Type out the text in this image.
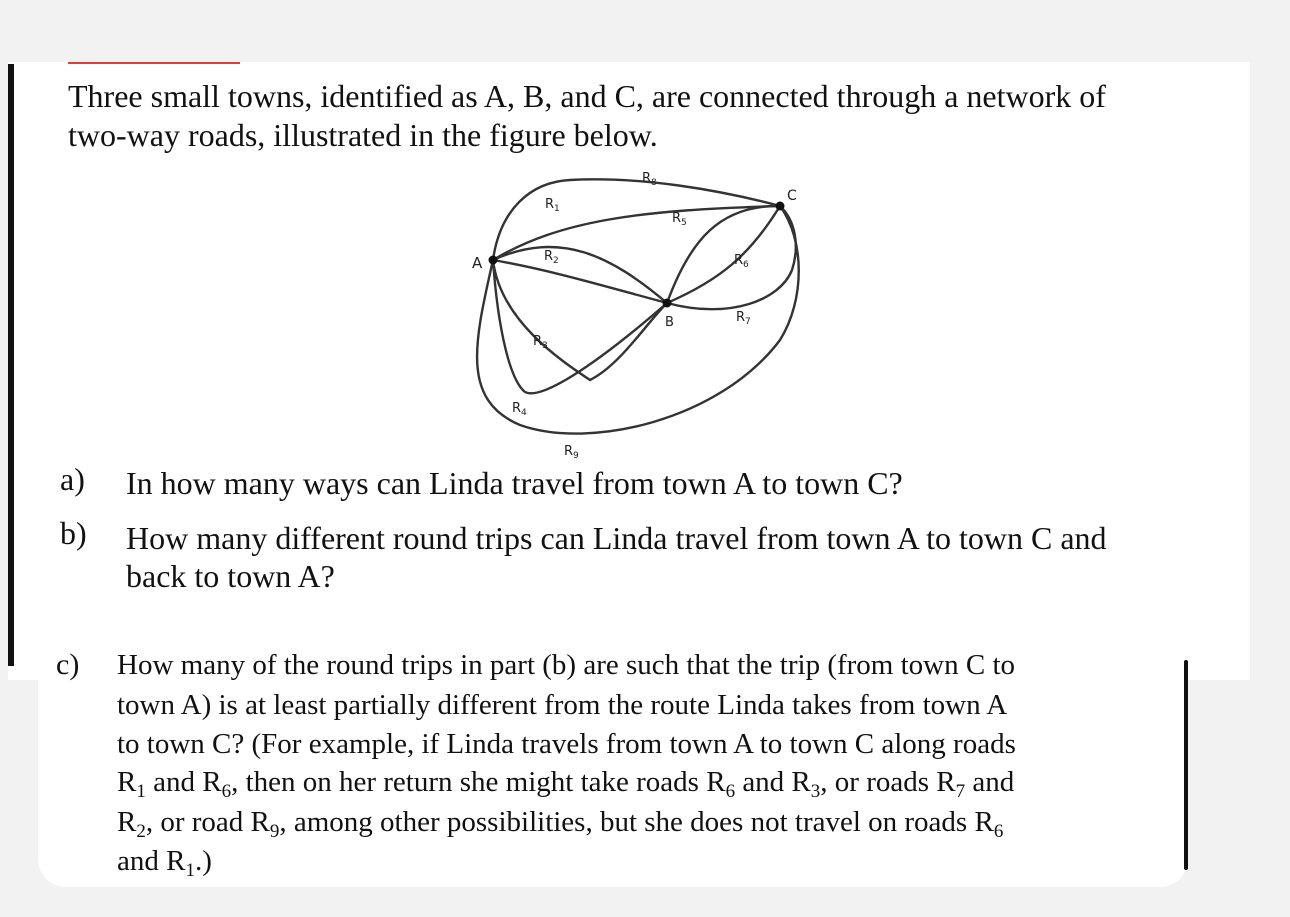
Three small towns, identified as A, B, and C, are connected through a network of
two-way roads, illustrated in the figure below.
A
B
C
$R_8$
$R_1$
$R_5$
$R_2$	$R_6$
$R_7$
$R_3$
$R_4$
$R_9$
a) In how many ways can Linda travel from town A to town C?
b) How many different round trips can Linda travel from town A to town C and
back to town A?
c) How many of the round trips in part (b) are such that the trip (from town C to
town A) is at least partially different from the route Linda takes from town A
to town C? (For example, if Linda travels from town A to town C along roads
$R_1$ and $R_6$, then on her return she might take roads $R_6$ and $R_3$, or roads $R_7$ and
$R_2$, or road $R_9$, among other possibilities, but she does not travel on roads $R_6$
and $R_1$.)
